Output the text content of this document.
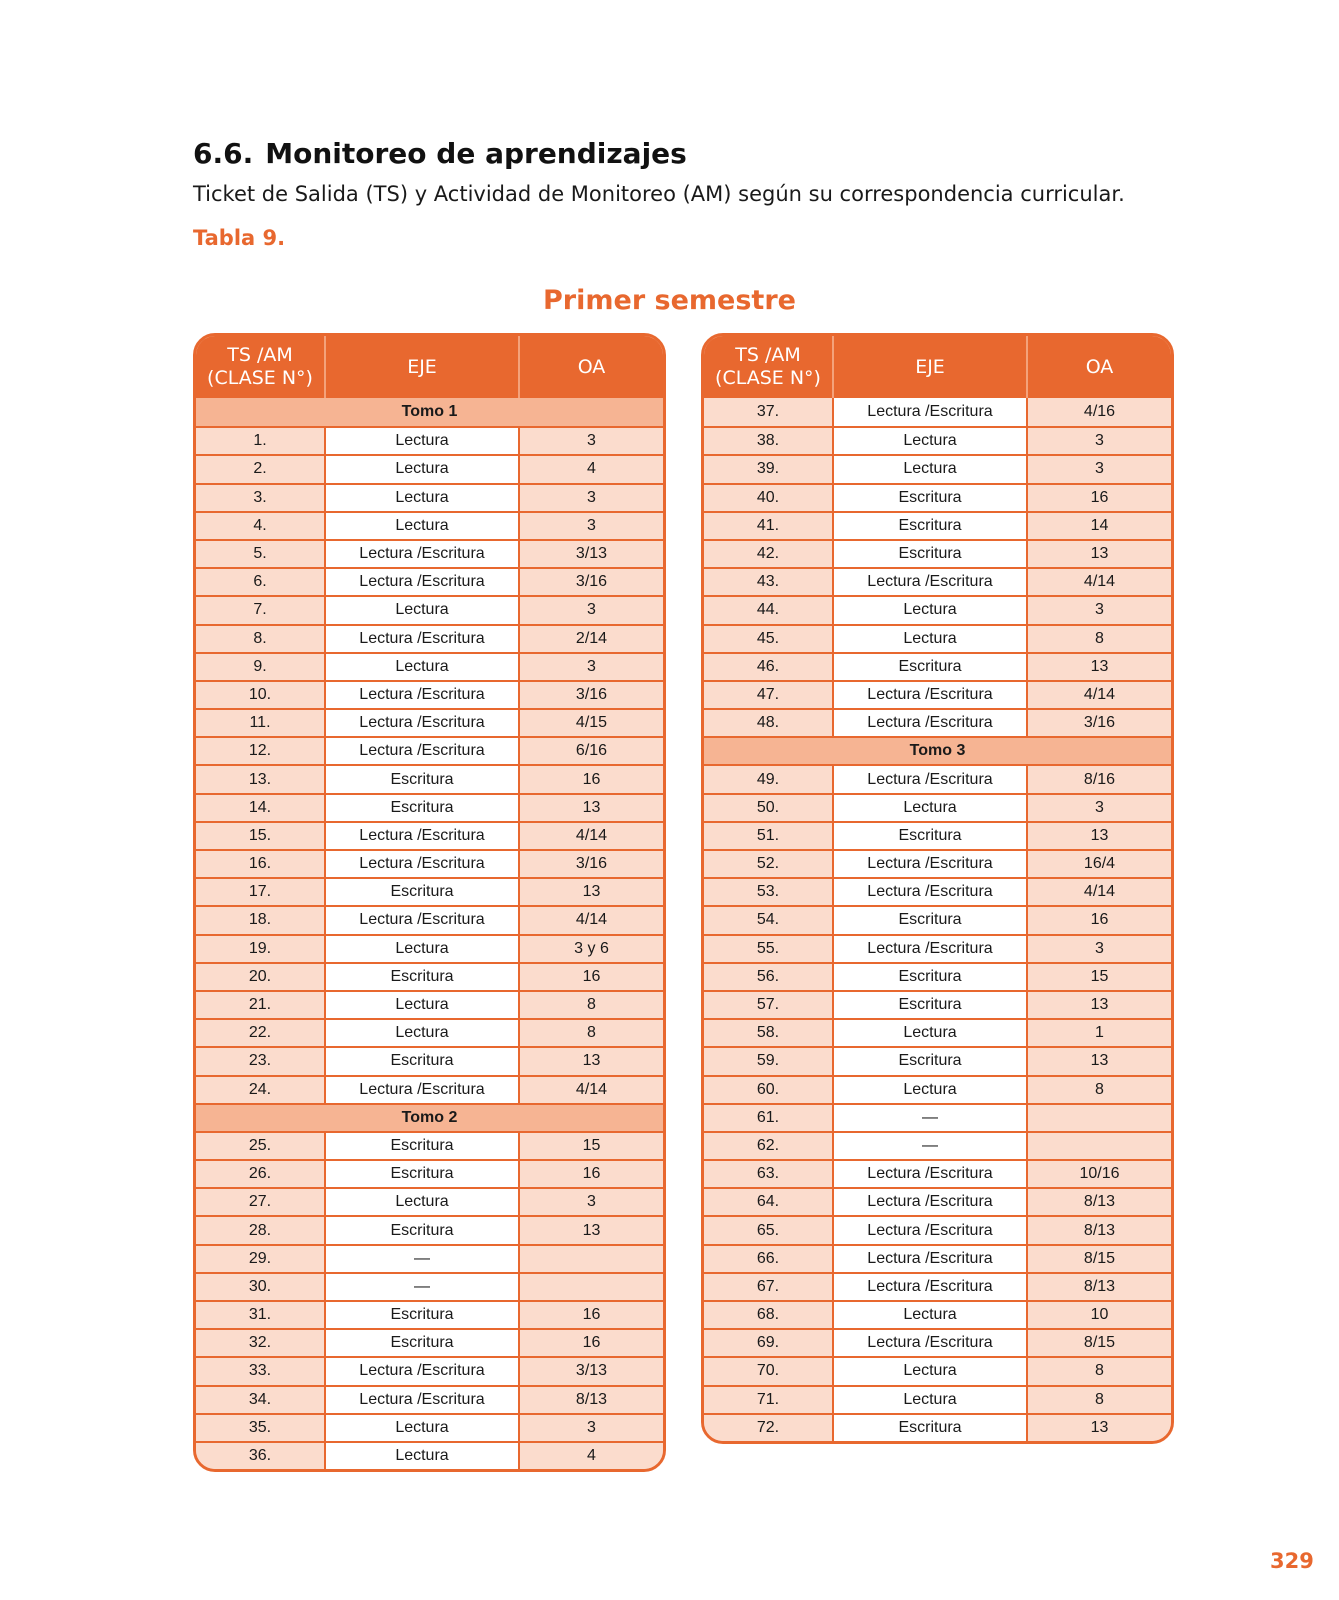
6.6. Monitoreo de aprendizajes
Ticket de Salida (TS) y Actividad de Monitoreo (AM) según su correspondencia curricular.
Tabla 9.
Primer semestre
TS /AM
(CLASE N°)
EJE	OA
Tomo 1
1.	Lectura	3
2.	Lectura	4
3.	Lectura	3
4.	Lectura	3
5.	Lectura /Escritura	3/13
6.	Lectura /Escritura	3/16
7.	Lectura	3
8.	Lectura /Escritura	2/14
9.	Lectura	3
10.	Lectura /Escritura	3/16
11.	Lectura /Escritura	4/15
12.	Lectura /Escritura	6/16
13.	Escritura	16
14.	Escritura	13
15.	Lectura /Escritura	4/14
16.	Lectura /Escritura	3/16
17.	Escritura	13
18.	Lectura /Escritura	4/14
19.	Lectura	3 y 6
20.	Escritura	16
21.	Lectura	8
22.	Lectura	8
23.	Escritura	13
24.	Lectura /Escritura	4/14
Tomo 2
25.	Escritura	15
26.	Escritura	16
27.	Lectura	3
28.	Escritura	13
29.	—
30.	—
31.	Escritura	16
32.	Escritura	16
33.	Lectura /Escritura	3/13
34.	Lectura /Escritura	8/13
35.	Lectura	3
36.	Lectura	4
TS /AM
(CLASE N°)
EJE	OA
37.	Lectura /Escritura	4/16
38.	Lectura	3
39.	Lectura	3
40.	Escritura	16
41.	Escritura	14
42.	Escritura	13
43.	Lectura /Escritura	4/14
44.	Lectura	3
45.	Lectura	8
46.	Escritura	13
47.	Lectura /Escritura	4/14
48.	Lectura /Escritura	3/16
Tomo 3
49.	Lectura /Escritura	8/16
50.	Lectura	3
51.	Escritura	13
52.	Lectura /Escritura	16/4
53.	Lectura /Escritura	4/14
54.	Escritura	16
55.	Lectura /Escritura	3
56.	Escritura	15
57.	Escritura	13
58.	Lectura	1
59.	Escritura	13
60.	Lectura	8
61.	—
62.	—
63.	Lectura /Escritura	10/16
64.	Lectura /Escritura	8/13
65.	Lectura /Escritura	8/13
66.	Lectura /Escritura	8/15
67.	Lectura /Escritura	8/13
68.	Lectura	10
69.	Lectura /Escritura	8/15
70.	Lectura	8
71.	Lectura	8
72.	Escritura	13
329
